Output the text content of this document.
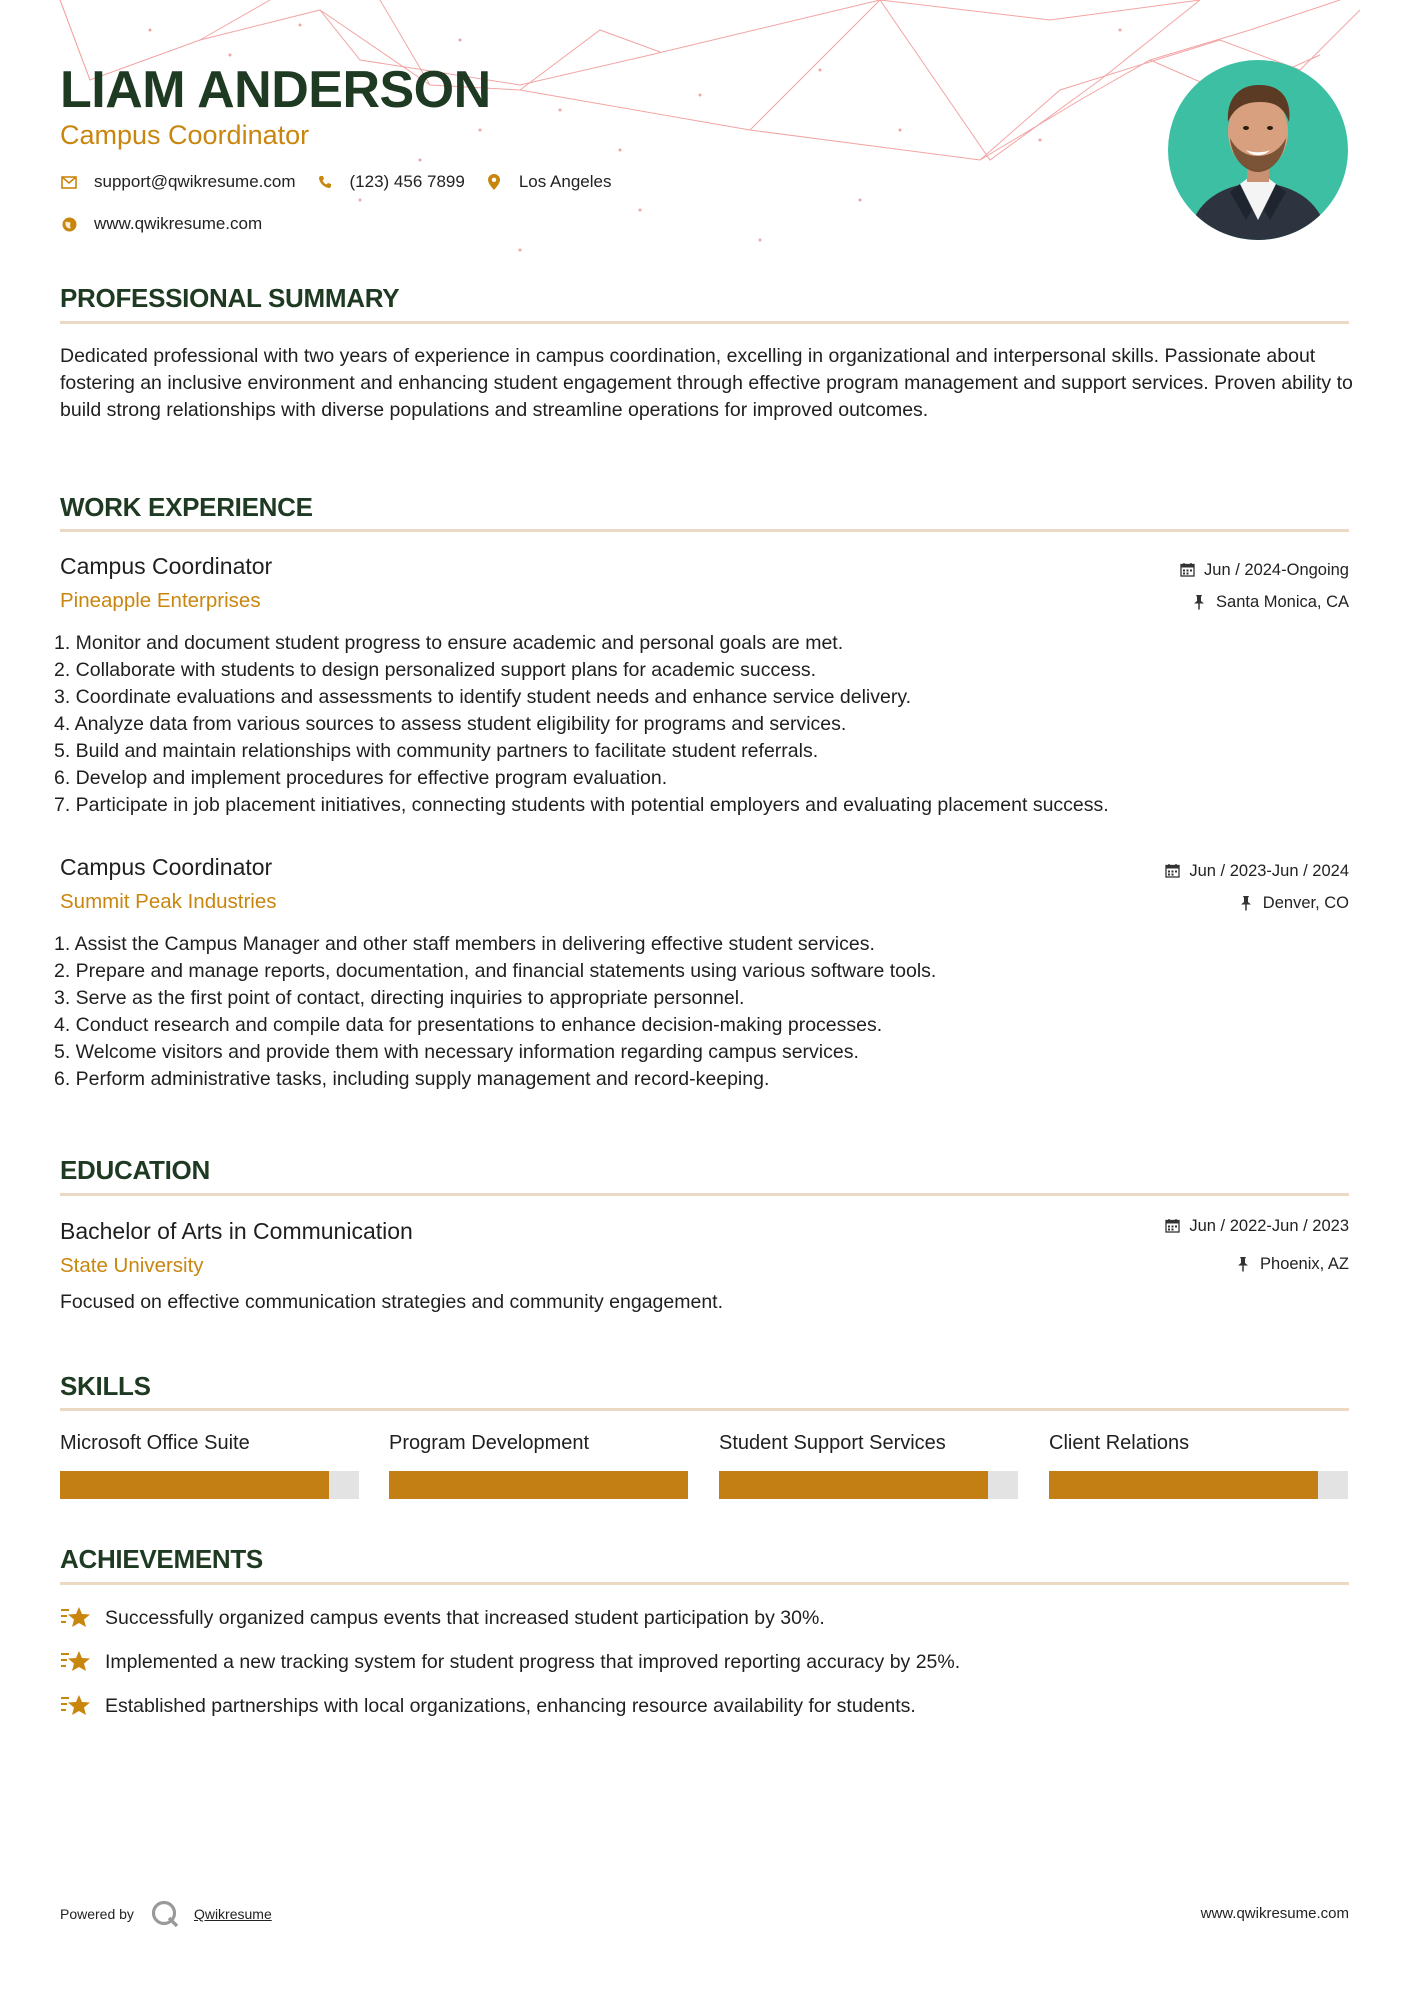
LIAM ANDERSON

Campus Coordinator

support@qwikresume.com	(123) 456 7899	Los Angeles
www.qwikresume.com
PROFESSIONAL SUMMARY

Dedicated professional with two years of experience in campus coordination, excelling in organizational and interpersonal skills. Passionate about fostering an inclusive environment and enhancing student engagement through effective program management and support services. Proven ability to build strong relationships with diverse populations and streamline operations for improved outcomes.

WORK EXPERIENCE

Campus Coordinator

Pineapple Enterprises

Jun / 2024-Ongoing
Santa Monica, CA
1. Monitor and document student progress to ensure academic and personal goals are met.
2. Collaborate with students to design personalized support plans for academic success.
3. Coordinate evaluations and assessments to identify student needs and enhance service delivery.
4. Analyze data from various sources to assess student eligibility for programs and services.
5. Build and maintain relationships with community partners to facilitate student referrals.
6. Develop and implement procedures for effective program evaluation.
7. Participate in job placement initiatives, connecting students with potential employers and evaluating placement success.

Campus Coordinator

Summit Peak Industries

Jun / 2023-Jun / 2024
Denver, CO
1. Assist the Campus Manager and other staff members in delivering effective student services.
2. Prepare and manage reports, documentation, and financial statements using various software tools.
3. Serve as the first point of contact, directing inquiries to appropriate personnel.
4. Conduct research and compile data for presentations to enhance decision-making processes.
5. Welcome visitors and provide them with necessary information regarding campus services.
6. Perform administrative tasks, including supply management and record-keeping.
EDUCATION

Bachelor of Arts in Communication

State University

Jun / 2022-Jun / 2023
Phoenix, AZ

Focused on effective communication strategies and community engagement.

SKILLS

Microsoft Office Suite	Program Development	Student Support Services	Client Relations

ACHIEVEMENTS
Successfully organized campus events that increased student participation by 30%.
Implemented a new tracking system for student progress that improved reporting accuracy by 25%.
Established partnerships with local organizations, enhancing resource availability for students.
Powered by	Qwikresume	www.qwikresume.com
